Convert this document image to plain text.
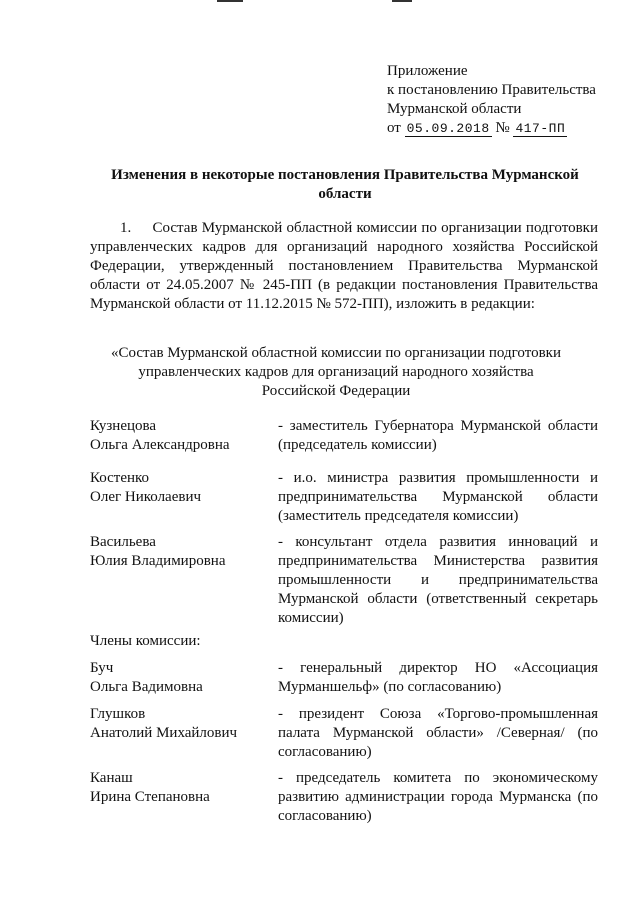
Приложение
к постановлению Правительства
Мурманской области
от 05.09.2018 № 417-ПП
Изменения в некоторые постановления Правительства Мурманской области
1.     Состав Мурманской областной комиссии по организации подготовки управленческих кадров для организаций народного хозяйства Российской Федерации, утвержденный постановлением Правительства Мурманской области от 24.05.2007 № 245-ПП (в редакции постановления Правительства Мурманской области от 11.12.2015 № 572-ПП), изложить в редакции:
«Состав Мурманской областной комиссии по организации подготовки управленческих кадров для организаций народного хозяйства Российской Федерации
Кузнецова
Ольга Александровна
- заместитель Губернатора Мурманской области (председатель комиссии)
Костенко
Олег Николаевич
- и.о. министра развития промышленности и предпринимательства Мурманской области (заместитель председателя комиссии)
Васильева
Юлия Владимировна
- консультант отдела развития инноваций и предпринимательства Министерства развития промышленности и предпринимательства Мурманской области (ответственный секретарь комиссии)
Члены комиссии:
Буч
Ольга Вадимовна
- генеральный директор НО «Ассоциация Мурманшельф» (по согласованию)
Глушков
Анатолий Михайлович
- президент Союза «Торгово-промышленная палата Мурманской области» /Северная/ (по согласованию)
Канаш
Ирина Степановна
- председатель комитета по экономическому развитию администрации города Мурманска (по согласованию)
